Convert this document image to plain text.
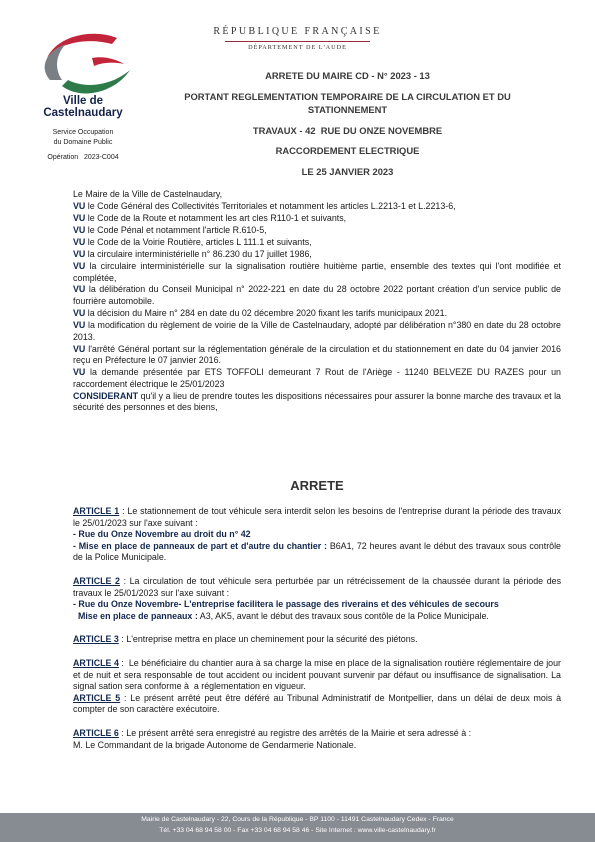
Ville de Castelnaudary
RÉPUBLIQUE FRANÇAISE
DÉPARTEMENT DE L'AUDE
Service Occupation
du Domaine Public
Opération   2023-C004
ARRETE DU MAIRE CD - N° 2023 - 13
PORTANT REGLEMENTATION TEMPORAIRE DE LA CIRCULATION ET DU STATIONNEMENT
TRAVAUX - 42  RUE DU ONZE NOVEMBRE
RACCORDEMENT ELECTRIQUE
LE 25 JANVIER 2023

Le Maire de la Ville de Castelnaudary,

VU le Code Général des Collectivités Territoriales et notamment les articles L.2213-1 et L.2213-6,

VU le Code de la Route et notamment les art cles R110-1 et suivants,

VU le Code Pénal et notamment l'article R.610-5,

VU le Code de la Voirie Routière, articles L 111.1 et suivants,

VU la circulaire interministérielle n° 86.230 du 17 juillet 1986,

VU la circulaire interministérielle sur la signalisation routière huitième partie, ensemble des textes qui l'ont modifiée et complétée,

VU la délibération du Conseil Municipal n° 2022-221 en date du 28 octobre 2022 portant création d'un service public de fourrière automobile.

VU la décision du Maire n° 284 en date du 02 décembre 2020 fixant les tarifs municipaux 2021.

VU la modification du règlement de voirie de la Ville de Castelnaudary, adopté par délibération n°380 en date du 28 octobre 2013.

VU l'arrêté Général portant sur la réglementation générale de la circulation et du stationnement en date du 04 janvier 2016 reçu en Préfecture le 07 janvier 2016.

VU la demande présentée par ETS TOFFOLI demeurant 7 Rout de l'Ariège - 11240 BELVEZE DU RAZES pour un raccordement électrique le 25/01/2023

CONSIDERANT qu'il y a lieu de prendre toutes les dispositions nécessaires pour assurer la bonne marche des travaux et la sécurité des personnes et des biens,

ARRETE

ARTICLE 1 : Le stationnement de tout véhicule sera interdit selon les besoins de l'entreprise durant la période des travaux le 25/01/2023 sur l'axe suivant :

- Rue du Onze Novembre au droit du n° 42

- Mise en place de panneaux de part et d'autre du chantier : B6A1, 72 heures avant le début des travaux sous contrôle de la Police Municipale.

ARTICLE 2 : La circulation de tout véhicule sera perturbée par un rétrécissement de la chaussée durant la période des travaux le 25/01/2023 sur l'axe suivant :

- Rue du Onze Novembre- L'entreprise facilitera le passage des riverains et des véhicules de secours

Mise en place de panneaux : A3, AK5, avant le début des travaux sous contôle de la Police Municipale.

ARTICLE 3 : L'entreprise mettra en place un cheminement pour la sécurité des piétons.

ARTICLE 4 :  Le bénéficiaire du chantier aura à sa charge la mise en place de la signalisation routière réglementaire de jour et de nuit et sera responsable de tout accident ou incident pouvant survenir par défaut ou insuffisance de signalisation. La signal sation sera conforme à  a réglementation en vigueur.

ARTICLE 5 : Le présent arrêté peut être déféré au Tribunal Administratif de Montpellier, dans un délai de deux mois à compter de son caractère exécutoire.

ARTICLE 6 : Le présent arrêté sera enregistré au registre des arrêtés de la Mairie et sera adressé à :

M. Le Commandant de la brigade Autonome de Gendarmerie Nationale.

Mairie de Castelnaudary - 22, Cours de la République - BP 1100 - 11491 Castelnaudary Cedex - France
Tél. +33 04 68 94 58 00 - Fax +33 04 68 94 58 46 - Site Internet : www.ville-castelnaudary.fr
